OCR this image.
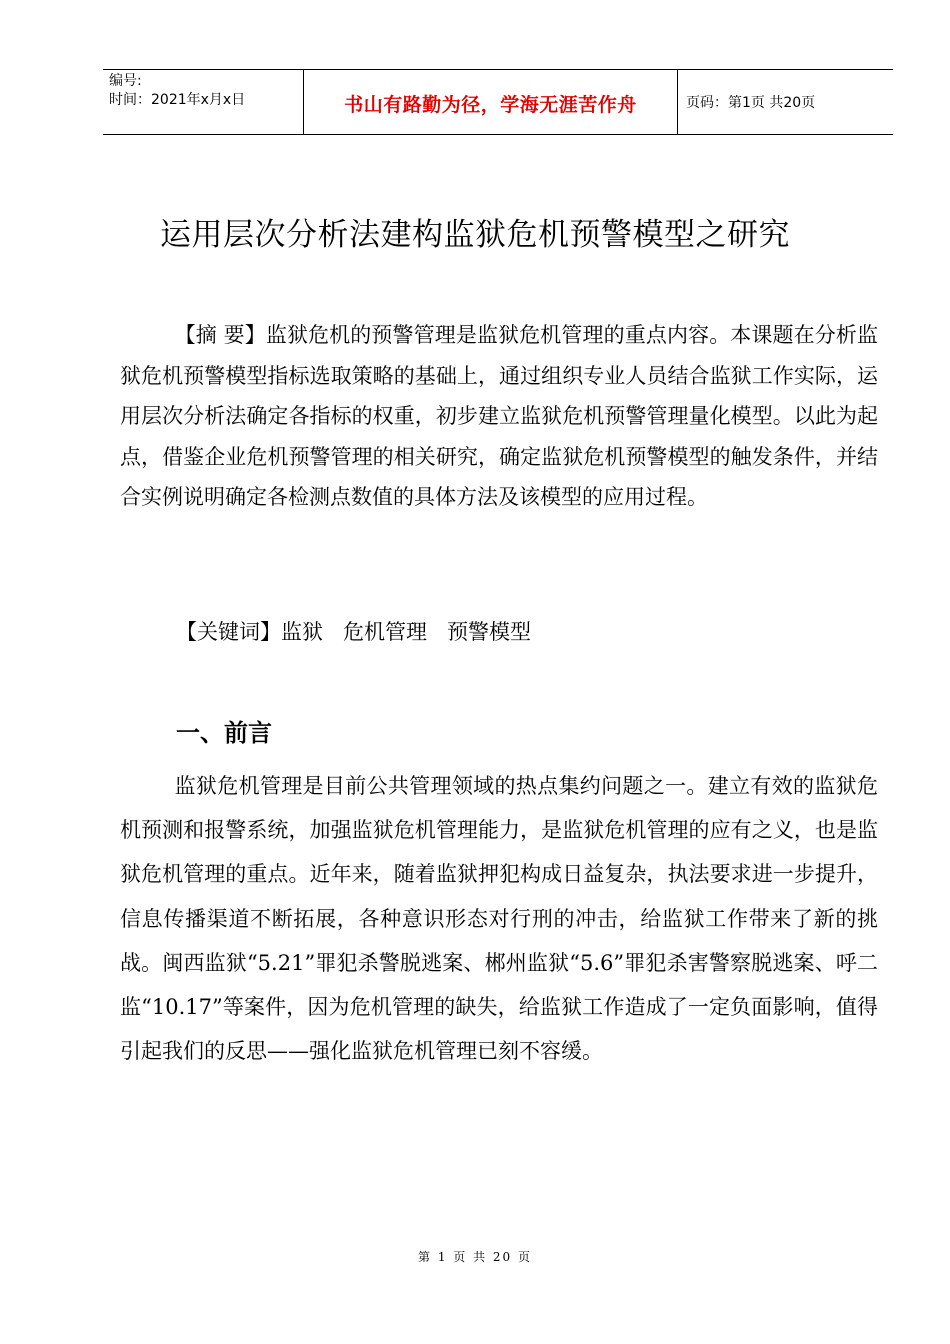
编号:
时间：2021年x月x日	书山有路勤为径，学海无涯苦作舟	页码：第1页 共20页
运用层次分析法建构监狱危机预警模型之研究

【摘 要】监狱危机的预警管理是监狱危机管理的重点内容。本课题在分析监狱危机预警模型指标选取策略的基础上，通过组织专业人员结合监狱工作实际，运用层次分析法确定各指标的权重，初步建立监狱危机预警管理量化模型。以此为起点，借鉴企业危机预警管理的相关研究，确定监狱危机预警模型的触发条件，并结合实例说明确定各检测点数值的具体方法及该模型的应用过程。

【关键词】监狱   危机管理   预警模型
一、前言

监狱危机管理是目前公共管理领域的热点集约问题之一。建立有效的监狱危机预测和报警系统，加强监狱危机管理能力，是监狱危机管理的应有之义，也是监狱危机管理的重点。近年来，随着监狱押犯构成日益复杂，执法要求进一步提升，信息传播渠道不断拓展，各种意识形态对行刑的冲击，给监狱工作带来了新的挑战。闽西监狱“5.21”罪犯杀警脱逃案、郴州监狱“5.6”罪犯杀害警察脱逃案、呼二监“10.17”等案件，因为危机管理的缺失，给监狱工作造成了一定负面影响，值得引起我们的反思——强化监狱危机管理已刻不容缓。

第 1 页 共 20 页
